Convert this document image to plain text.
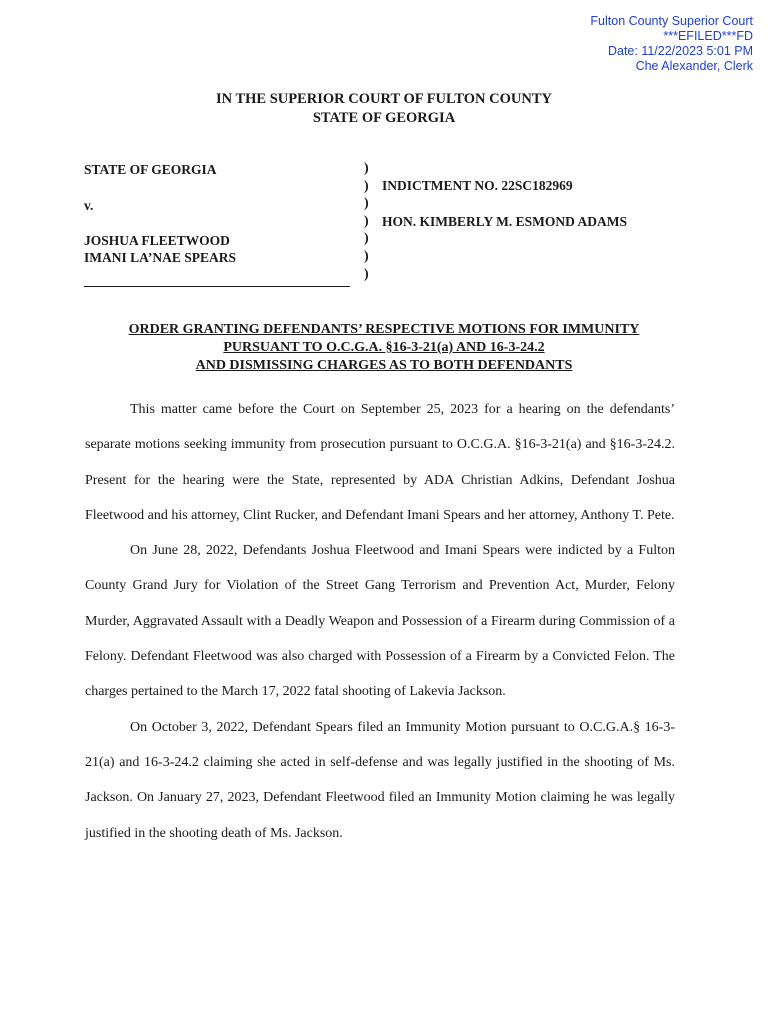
Fulton County Superior Court
***EFILED***FD
Date: 11/22/2023 5:01 PM
Che Alexander, Clerk
IN THE SUPERIOR COURT OF FULTON COUNTY
STATE OF GEORGIA
STATE OF GEORGIA
v.
JOSHUA FLEETWOOD
IMANI LA’NAE SPEARS
)
)
)
)
)
)
)
INDICTMENT NO. 22SC182969
HON. KIMBERLY M. ESMOND ADAMS
ORDER GRANTING DEFENDANTS’ RESPECTIVE MOTIONS FOR IMMUNITY
PURSUANT TO O.C.G.A. §16-3-21(a) AND 16-3-24.2
AND DISMISSING CHARGES AS TO BOTH DEFENDANTS

This matter came before the Court on September 25, 2023 for a hearing on the defendants’ separate motions seeking immunity from prosecution pursuant to O.C.G.A. §16-3-21(a) and §16-3-24.2. Present for the hearing were the State, represented by ADA Christian Adkins, Defendant Joshua Fleetwood and his attorney, Clint Rucker, and Defendant Imani Spears and her attorney, Anthony T. Pete.

On June 28, 2022, Defendants Joshua Fleetwood and Imani Spears were indicted by a Fulton County Grand Jury for Violation of the Street Gang Terrorism and Prevention Act, Murder, Felony Murder, Aggravated Assault with a Deadly Weapon and Possession of a Firearm during Commission of a Felony. Defendant Fleetwood was also charged with Possession of a Firearm by a Convicted Felon. The charges pertained to the March 17, 2022 fatal shooting of Lakevia Jackson.

On October 3, 2022, Defendant Spears filed an Immunity Motion pursuant to O.C.G.A.§ 16-3-21(a) and 16-3-24.2 claiming she acted in self-defense and was legally justified in the shooting of Ms. Jackson. On January 27, 2023, Defendant Fleetwood filed an Immunity Motion claiming he was legally justified in the shooting death of Ms. Jackson.
